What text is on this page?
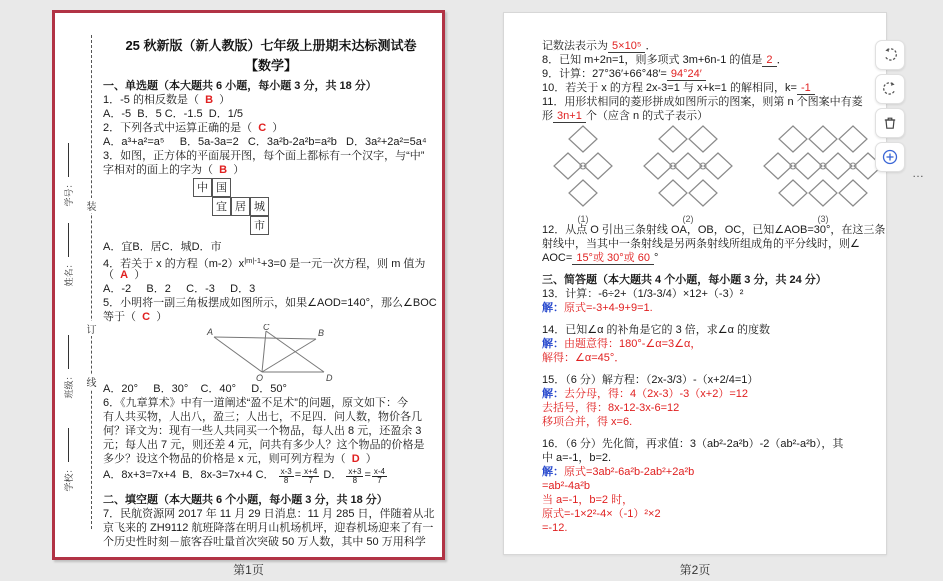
学号：
姓名：
班级：
学校：
装
订
线
25 秋新版（新人教版）七年级上册期末达标测试卷
【数学】
一、单选题（本大题共 6 小题，每小题 3 分，共 18 分）
1．-5 的相反数是（  B  ）
A．-5  B．5 C．-1.5  D．1/5
2．下列各式中运算正确的是（  C  ）
A．a³+a²=a⁵     B．5a-3a=2   C．3a²b-2a²b=a²b   D．3a²+2a²=5a⁴
3．如图，正方体的平面展开图，每个面上都标有一个汉字，与“中”
字相对的面上的字为（  B  ）
中 国
宜 居 城
市
A．宜B．居C．城D．市
4．若关于 x 的方程$(m-2)x^{|m|-1}+3=0$ 是一元一次方程，则 m 值为
（  A  ）
A．-2     B．2     C．-3     D．3
5．小明将一副三角板摆成如图所示，如果∠AOD=140°，那么∠BOC
等于（  C  ）
A	C
B
O	D
A．20°     B．30°    C．40°     D．50°
6．《九章算术》中有一道阐述“盈不足术”的问题，原文如下：今
有人共买物，人出八，盈三；人出七，不足四．问人数，物价各几
何？译文为：现有一些人共同买一个物品，每人出 8 元，还盈余 3
元；每人出 7 元，则还差 4 元，问共有多少人？这个物品的价格是
多少？设这个物品的价格是 x 元，则可列方程为（  D  ）
A．8x+3=7x+4  B．8x-3=7x+4 C． $\frac{x-3}{8} = \frac{x+4}{7}$ D． $\frac{x+3}{8} = \frac{x-4}{7}$
二、填空题（本大题共 6 个小题，每小题 3 分，共 18 分）
7．民航资源网 2017 年 11 月 29 日消息：11 月 285 日，伴随着从北
京飞来的 ZH9112 航班降落在明月山机场机坪，迎春机场迎来了有一
个历史性时刻－旅客吞吐量首次突破 50 万人数，其中 50 万用科学
记数法表示为 5×10⁵ ．
8．已知 m+2n=1，则多项式 3m+6n-1 的值是 2 ．
9．计算：27°36′+66°48′= 94°24′
10．若关于 x 的方程 2x-3=1 与 x+k=1 的解相同，k= -1
11．用形状相同的菱形拼成如图所示的图案，则第 n 个图案中有菱
形 3n+1 个（应含 n 的式子表示）
(1)	(2)	(3)
…
12．从点 O 引出三条射线 OA，OB，OC，已知∠AOB=30°，在这三条
射线中，当其中一条射线是另两条射线所组成角的平分线时，则∠
AOC= 15°或 30°或 60 °
三、简答题（本大题共 4 个小题，每小题 3 分，共 24 分）
13．计算：-6÷2+（1/3-3/4）×12+（-3）²
解：原式=-3+4-9+9=1.
14．已知∠α 的补角是它的 3 倍，求∠α 的度数
解：由题意得：180°-∠α=3∠α，
解得：∠α=45°．
15．（6 分）解方程：（2x-3/3）-（x+2/4=1）
解：去分母，得：4（2x-3）-3（x+2）=12
去括号，得：8x-12-3x-6=12
移项合并，得 x=6.
16．（6 分）先化简，再求值：3（ab²-2a²b）-2（ab²-a²b），其
中 a=-1，b=2.
解：原式=3ab²-6a²b-2ab²+2a²b
=ab²-4a²b
当 a=-1，b=2 时，
原式=-1×2²-4×（-1）²×2
=-12.
第1页	第2页
